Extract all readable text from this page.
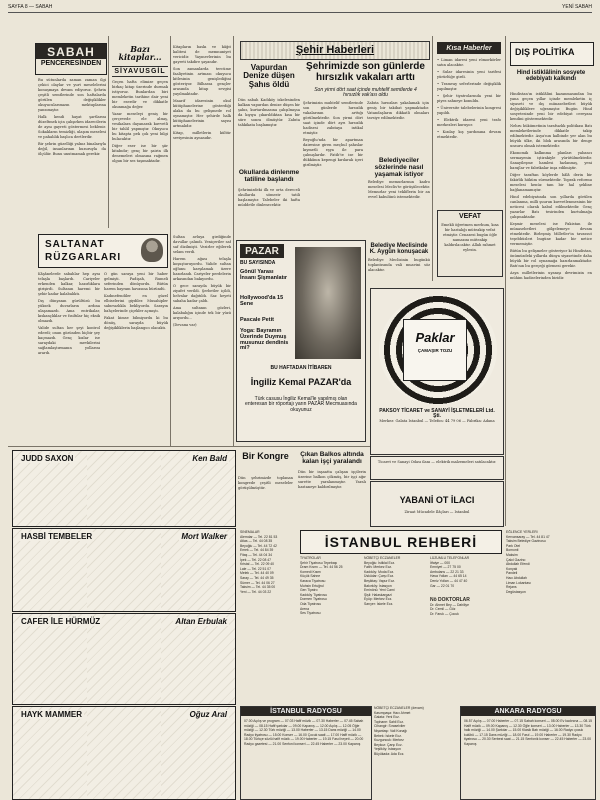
SAYFA 8 — SABAH	YENİ SABAH
SABAH
PENCERESİNDEN

Bu sütunlarda zaman zaman ilgi çekici olaylar ve yurt meselelerini konuşmaya devam ediyoruz. Şehrin çeşitli semtlerinde son haftalarda görülen değişiklikler okuyucularımızın mektuplarına yansımıştır.

Halk kendi hayat şartlarını düzeltmek için çalışırken idarecilerin de aynı gayreti göstermesi beklenir. Sokakların temizliği, ulaşım meselesi ve pahalılık başlıca dertlerdir.

Bir şehrin güzelliği yalnız binalarıyla değil, insanlarının huzuruyla da ölçülür. Bunu unutmamak gerekir.

Bazı kitaplar...
SİYAVUSGİL

Geçen hafta elimize geçen birkaç kitap üzerinde durmak istiyoruz. Bunlardan biri memleketin tarihine dair yeni bir eserdir ve dikkatle okunmağa değer.

Yazar meseleyi geniş bir çerçevede ele almış, vesikalara dayanarak kuvvetli bir tahlil yapmıştır. Okuyucu bu kitapta pek çok yeni bilgi bulacaktır.

Diğer eser ise bir şiir kitabıdır; genç bir şairin ilk denemeleri olmasına rağmen olgun bir ses taşımaktadır.

Kitapların baskı ve kâğıt kalitesi de memnuniyet vericidir. Yayınevlerinin bu gayreti takdire şayandır.

Son zamanlarda tercüme faaliyetinin artması okuyucu kitlesinin genişlediğini gösteriyor. Bilhassa gençler arasında kitap sevgisi yayılmaktadır.

Maarif idaresinin okul kütüphanelerine gösterdiği alaka da bu gelişmede rol oynamıştır. Her şehirde halk kütüphanelerinin sayısı artmalıdır.

Kitap, milletlerin kültür seviyesinin aynasıdır.

Şehir Haberleri
Vapurdan Denize düşen Şahıs öldü

Dün sabah Kadıköy iskelesinden kalkan vapurdan denize düşen bir şahıs, kurtarılmasına çalışılmışsa da kıyıya çıkarıldıktan kısa bir süre sonra ölmüştür. Zabıta tahkikata başlamıştır.

Şehrimizde son günlerde hırsızlık vakaları arttı
Son yirmi dört saat içinde muhtelif semtlerde 4 hırsızlık vak'ası oldu

Şehrimizin muhtelif semtlerinde son günlerde hırsızlık vakalarının arttığı görülmektedir. Son yirmi dört saat içinde dört ayrı hırsızlık hadisesi zabıtaya intikal etmiştir.

Beyoğlu'nda bir apartman dairesine giren meçhul şahıslar kıymetli eşya ile para çalmışlardır. Fatih'te ise bir dükkânın kepengi kırılarak içeri girilmiştir.

Zabıta hırsızları yakalamak için geniş bir takibat yapmaktadır. Vatandaşların dikkatli olmaları tavsiye edilmektedir.

Okullarda dinlenme tatiline başlandı

Şehrimizdeki ilk ve orta dereceli okullarda sömestr tatili başlamıştır. Talebeler iki hafta müddetle dinlenecektir.

Belediyeciler sözlerinde nasıl yaşamak istiyor

Belediye memurlarının kadro meselesi Meclis'te görüşülecektir. Memurlar yeni tekliflerin bir an evvel kabulünü istemektedir.

Belediye Meclisinde K. Aygün konuşacak

Belediye Meclisinin bugünkü toplantısında vali muavini söz alacaktır.

Kısa Haberler

• Liman idaresi yeni römorkörler satın alacaktır.

• Sular idaresinin yeni tarifesi yürürlüğe girdi.

• Tramvay seferlerinde değişiklik yapılmıştır.

• Şehir tiyatrolarında yeni bir piyes sahneye konuldu.

• Üniversite talebelerinin kongresi yapıldı.

• Elektrik idaresi yeni trafo merkezleri kuruyor.

• Kızılay kış yardımına devam etmektedir.

VEFAT

Emekli öğretmen merhum, kısa bir hastalığı müteakip vefat etmiştir. Cenazesi bugün öğle namazını müteakip kaldırılacaktır. Allah rahmet eylesin.

DIŞ POLİTİKA
Hind istiklâlinin sosyete edebiyatı kalkındı

Hindistan'ın istiklâlini kazanmasından bu yana geçen yıllar içinde memleketin iç siyaseti ve dış münasebetleri büyük değişikliklere uğramıştır. Bugün Hind sosyetesinde yeni bir edebiyat cereyanı kendini göstermektedir.

Nehru hükümetinin tarafsızlık politikası Batı memleketlerinde dikkatle takip edilmektedir. Asya'nın kalbinde yer alan bu büyük ülke, iki blok arasında bir denge unsuru olmak istemektedir.

Ekonomik kalkınma planları yabancı sermayenin iştirakiyle yürütülmektedir. Sanayileşme hamlesi hızlanmış, yeni barajlar ve fabrikalar inşa edilmiştir.

Diğer taraftan köylerde hâlâ derin bir fakirlik hüküm sürmektedir. Toprak reformu meselesi henüz tam bir hal şekline bağlanamamıştır.

Hind edebiyatında son yıllarda görülen canlanma, milli şuurun kuvvetlenmesinin bir neticesi olarak kabul edilmektedir. Genç yazarlar Batı tesirinden kurtulmağa çalışmaktadır.

Keşmir meselesi ise Pakistan ile münasebetleri gölgelemeye devam etmektedir. Birleşmiş Milletler'in tavassut teşebbüsleri bugüne kadar bir netice vermemiştir.

Bütün bu gelişmeler gösteriyor ki Hindistan, önümüzdeki yıllarda dünya siyasetinde daha büyük bir rol oynamağa hazırlanmaktadır. Batı'nın bu gerçeği görmesi gerekir.

Asya milletlerinin uyanışı devrimizin en mühim hadiselerinden biridir.

SALTANAT
RÜZGARLARI

Kâşânelerde sabahlar hep aynı telaşla başlardı. Cariyeler erkenden kalkar, hazırlıklara girişirdi. Sultanın haremi bir şehir kadar kalabalıktı.

Dış dünyanın gürültüsü bu yüksek duvarların ardına ulaşamazdı. Ama entrikalar, kıskançlıklar ve fısıltılar hiç eksik olmazdı.

Valide sultan her şeyi kontrol ederdi; onun gözünden hiçbir şey kaçmazdı. Genç kızlar ise saraydaki mevkilerini sağlamlaştırmanın yollarını arardı.

O gün saraya yeni bir haber gelmişti. Padişah, Rumeli seferinden dönüyordu. Bütün harem bayram havasına büründü.

Kadınefendiler en güzel elbiselerini giydiler. Musahipler sabırsızlıkla bekliyordu. Sarayın bahçelerinde çiçekler açmıştı.

Fakat kimse bilmiyordu ki bu dönüş, sarayda büyük değişikliklerin başlangıcı olacaktı.

Sultan avluya girdiğinde davullar çalındı. Yeniçeriler saf saf dizilmişti. Vezirler eğilerek selam verdi.

Harem ağası telaşla koşuşturuyordu. Valide sultan oğlunu karşılamak üzere hazırlandı. Cariyeler perdelerin arkasından bakıyordu.

O gece sarayda büyük bir ziyafet verildi. Şerbetler içildi, helvalar dağıtıldı. Saz heyeti sabaha kadar çaldı.

Ama sultanın gözleri, kalabalığın içinde tek bir yüzü arıyordu...

(Devamı var)

PAZAR
BU SAYISINDA
Gönül Yarası İnsanı Şişmanlatır
Hollywood'da 15 Sene
Pascale Petit
Yoga: Bayramın Üzerinde Duymuş musunuz dendinis mi?
BU HAFTADAN İTİBAREN
İngiliz Kemal PAZAR'da
Türk casusu İngiliz Kemal'le yapılmış olan enteresan bir röportajı yarın PAZAR Mecmuasında okuyunuz
Paklar
ÇAMAŞIR TOZU
PAKSOY TİCARET ve SANAYİ İŞLETMELERİ Ltd. Şti.

Merkez: Galata İstanbul — Telefon: 44 79 06 — Fabrika: Adana

Ticaret ve Sanayi Odası ilanı — elektrik malzemeleri satılacaktır.

YABANİ OT İLACI

Ziraat Mücadele İlâçları — İstanbul

Bir Kongre

Dün şehrimizde toplanan kongrede çeşitli meseleler görüşülmüştür.

Çıkan Balkos altında kalan işçi yaralandı

Dün bir inşaatta çalışan işçilerin üzerine balkon çökmüş, bir işçi ağır surette yaralanmıştır. Yaralı hastaneye kaldırılmıştır.

İSTANBUL REHBERİ
SİNEMALAR
Alemdar — Tel. 22 81 53
Atlas — Tel. 44 08 35
Beyoğlu — Tel. 44 72 42
Emek — Tel. 44 84 39
Fitaş — Tel. 44 04 34
İpek — Tel. 22 08 47
Kristal — Tel. 22 09 40
Lale — Tel. 22 51 07
Melek — Tel. 44 40 09
Saray — Tel. 44 49 35
Sümer — Tel. 44 06 27
Taksim — Tel. 44 35 00
Yeni — Tel. 44 03 22
TİYATROLAR
Şehir Tiyatrosu Tepebaşı
Dram Kısmı — Tel. 44 56 25
Komedi Kısmı
Küçük Sahne
Karaca Tiyatrosu
Muhsin Ertuğrul
Gen Tiyatro
Kadıköy Tiyatrosu
Dormen Tiyatrosu
Oda Tiyatrosu
Arena
Ses Tiyatrosu
NÖBETÇİ ECZANELER
Beyoğlu: İstiklal Ecz.
Fatih: Merkez Ecz.
Kadıköy: Moda Ecz.
Üsküdar: Çarşı Ecz.
Beşiktaş: Vapur Ecz.
Bakırköy: İstasyon
Eminönü: Yeni Cami
Şişli: Halaskargazi
Eyüp: Merkez Ecz.
Sarıyer: İskele Ecz.
LÜZUMLU TELEFONLAR
İtfaiye — 000
Emniyet — 27 75 00
Ambulans — 22 21 33
Hava Yolları — 44 65 14
Deniz Yolları — 44 47 40
Gar — 22 01 70
Nö DOKTORLAR
Dr. Ahmet Bey — Dahiliye
Dr. Cemil — Göz
Dr. Faruk — Çocuk
EĞLENCE YERLERİ
Kervansaray — Tel. 44 81 47
Taksim Belediye Gazinosu
Park Otel
Bomonti
Maksim
Çakıl Gazino
Abdullah Efendi
Konyalı
Pandeli
Hacı Abdullah
Liman Lokantası
Rejans
Degüstasyon
İSTANBUL RADYOSU
07.00 Açılış ve program — 07.03 Hafif müzik — 07.30 Haberler — 07.45 Sabah müziği — 08.15 Hafif şarkılar — 09.00 Kapanış — 12.00 Açılış — 12.05 Öğle müziği — 12.30 Türk müziği — 13.00 Haberler — 13.15 Dans müziği — 14.00 Radyo tiyatrosu — 15.00 Konser — 16.00 Çocuk saati — 17.00 Hafif müzik — 18.00 Türkçe sözlü hafif müzik — 19.00 Haberler — 19.15 Fasıl heyeti — 20.00 Radyo gazetesi — 21.00 Senfoni konseri — 22.45 Haberler — 23.00 Kapanış
ANKARA RADYOSU
06.57 Açılış — 07.00 Haberler — 07.15 Sabah konseri — 08.00 Ev kadınına — 08.15 Hafif müzik — 09.00 Kapanış — 12.30 Öğle konseri — 13.00 Haberler — 13.30 Türk halk müziği — 14.00 Şarkılar — 15.00 Klasik Batı müziği — 16.00 Radyo çocuk kulübü — 17.15 Dans müziği — 18.00 Fasıl — 19.00 Haberler — 19.30 Radyo tiyatrosu — 20.30 Serbest saat — 21.15 Senfonik konser — 22.45 Haberler — 23.00 Kapanış
NÖBETÇİ ECZANELER (devam)
Kasımpaşa: Hacı Ahmet
Galata: Yeni Ecz.
Tophane: Sahil Ecz.
Cihangir: Sıraselviler
Nişantaşı: Vali Konağı
Bebek: İskele Ecz.
Kuzguncuk: Merkez
Beykoz: Çarşı Ecz.
Yeşilköy: İstasyon
Büyükada: Ada Ecz.
JUDD SAXON	Ken Bald
HASBİ TEMBELER	Mort Walker
CAFER İLE HÜRMÜZ	Altan Erbulak
HAYK MAMMER	Oğuz Aral
